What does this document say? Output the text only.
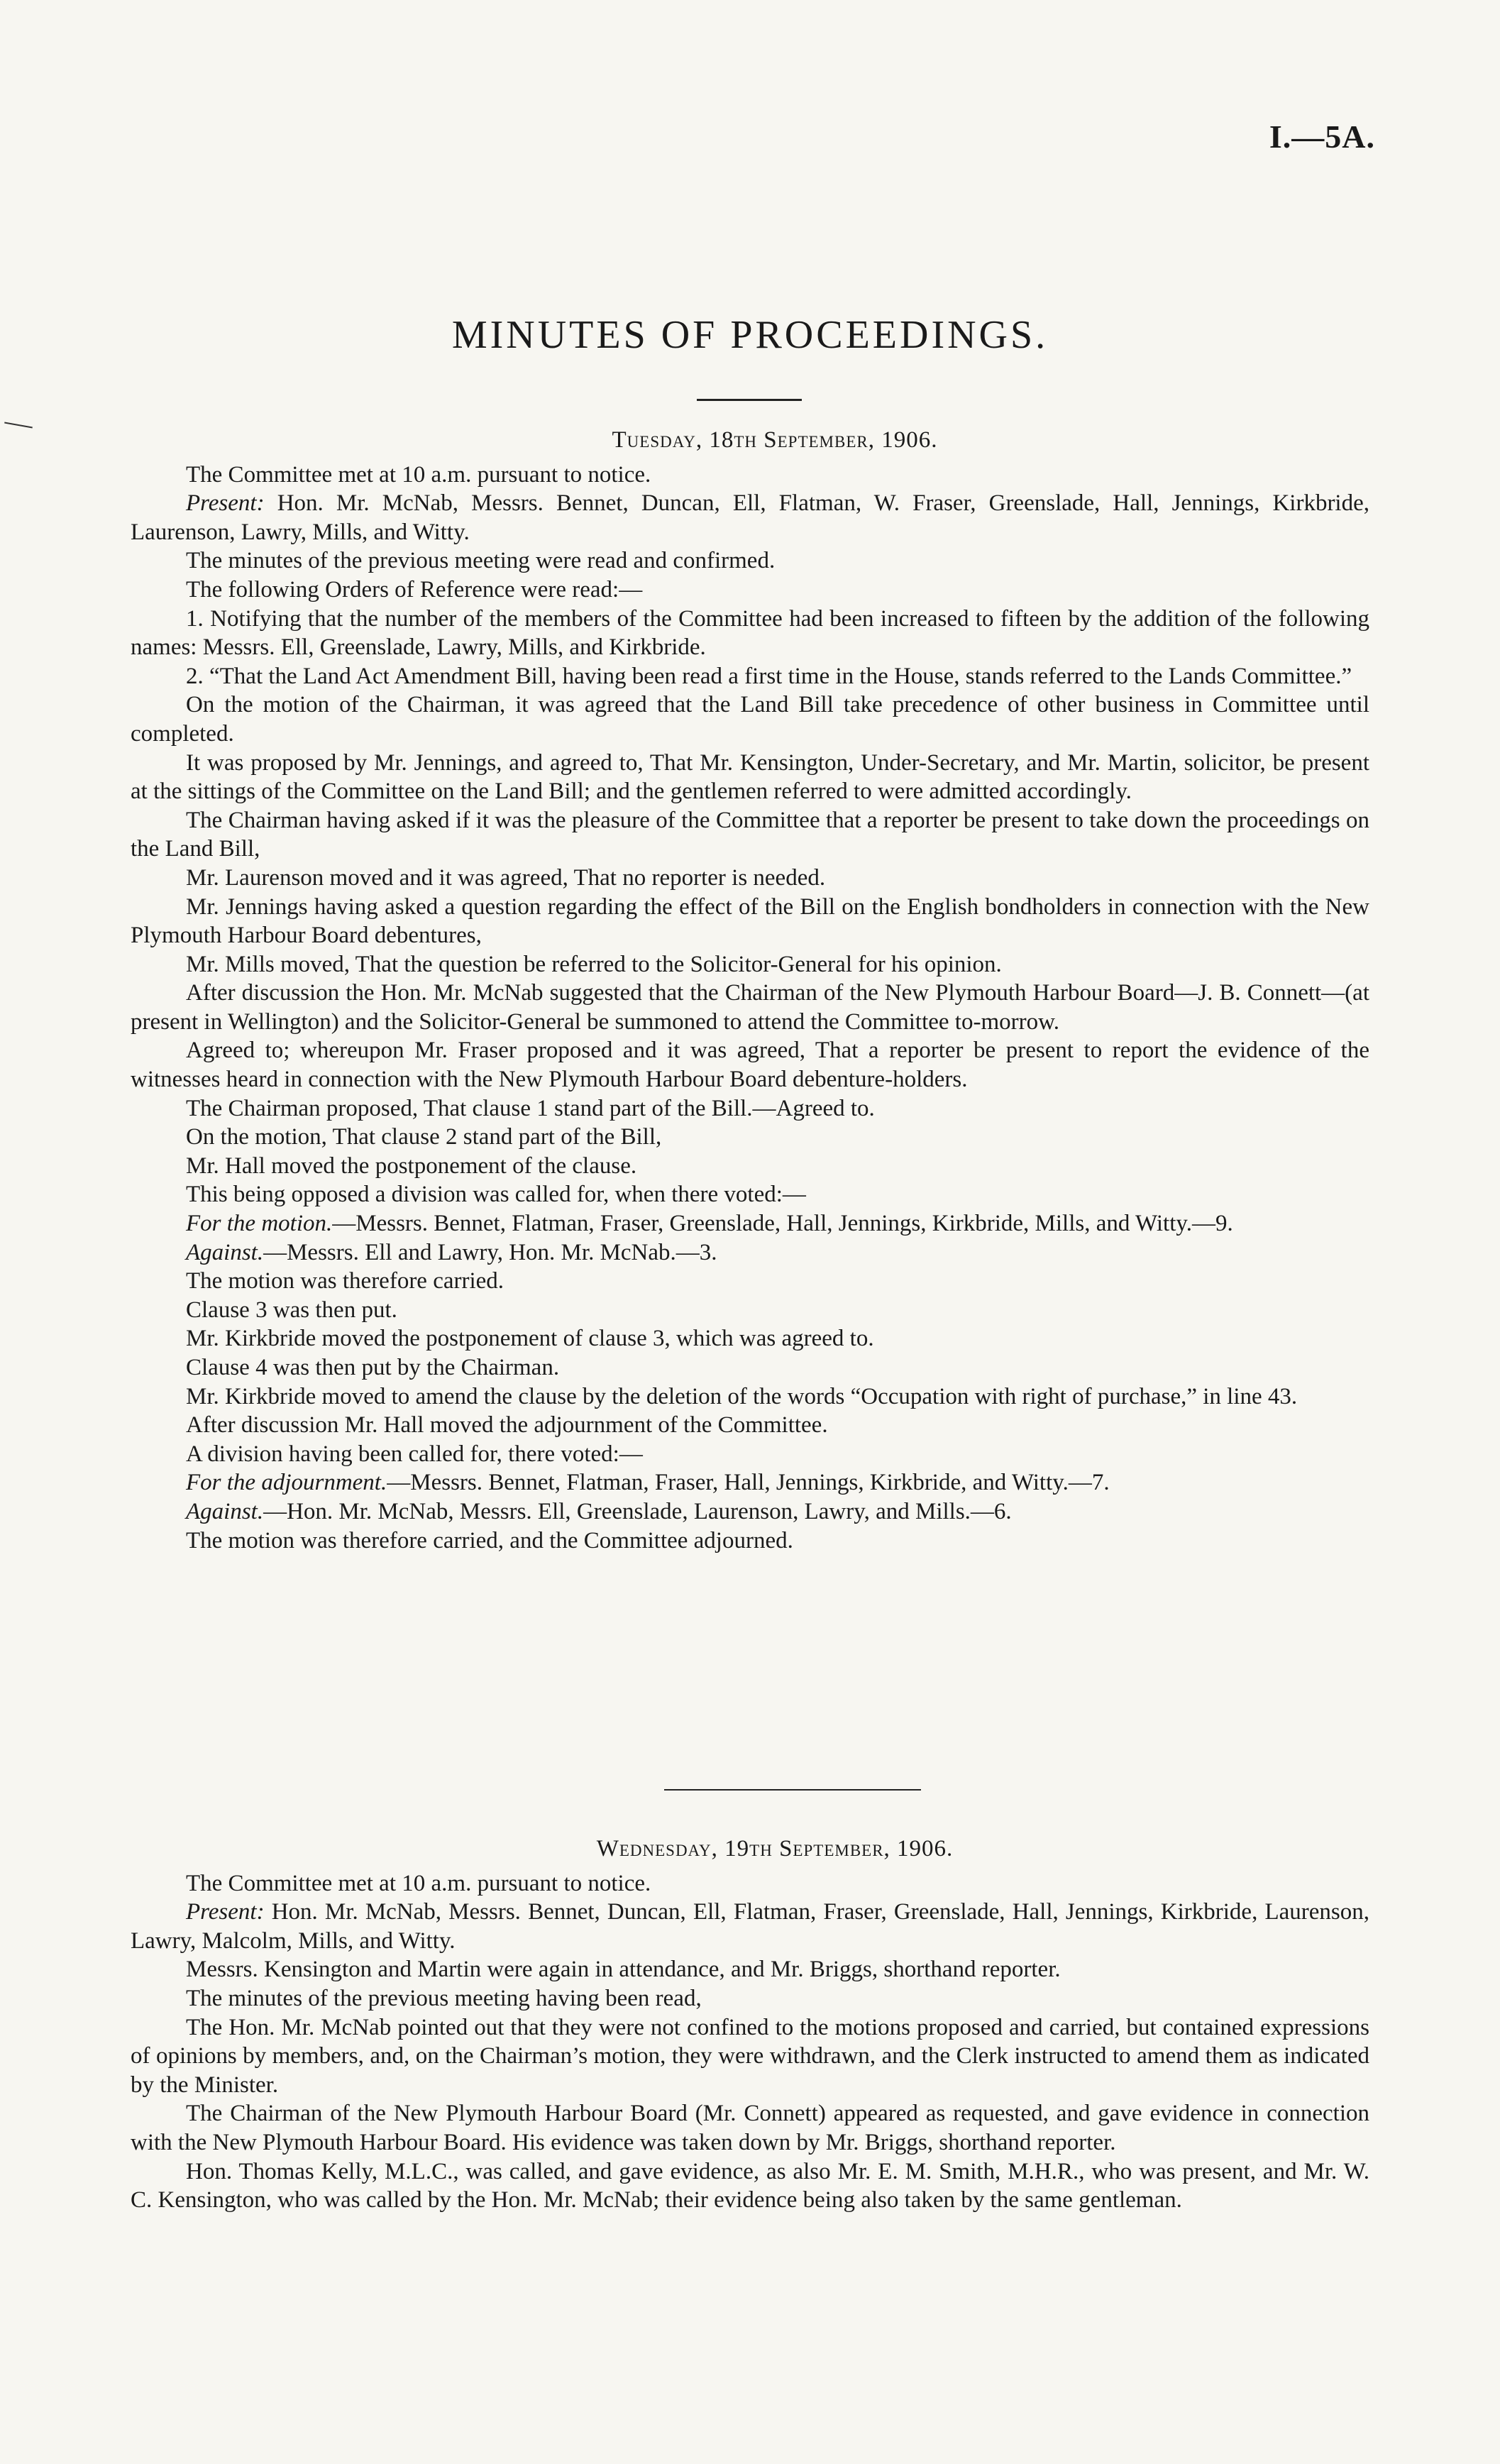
I.—5A.
MINUTES OF PROCEEDINGS.
Tuesday, 18th September, 1906.

The Committee met at 10 a.m. pursuant to notice.

Present: Hon. Mr. McNab, Messrs. Bennet, Duncan, Ell, Flatman, W. Fraser, Greenslade, Hall, Jennings, Kirkbride, Laurenson, Lawry, Mills, and Witty.

The minutes of the previous meeting were read and confirmed.

The following Orders of Reference were read:—

1. Notifying that the number of the members of the Committee had been increased to fifteen by the addition of the following names: Messrs. Ell, Greenslade, Lawry, Mills, and Kirkbride.

2. “That the Land Act Amendment Bill, having been read a first time in the House, stands referred to the Lands Committee.”

On the motion of the Chairman, it was agreed that the Land Bill take precedence of other business in Committee until completed.

It was proposed by Mr. Jennings, and agreed to, That Mr. Kensington, Under-Secretary, and Mr. Martin, solicitor, be present at the sittings of the Committee on the Land Bill; and the gentlemen referred to were admitted accordingly.

The Chairman having asked if it was the pleasure of the Committee that a reporter be present to take down the proceedings on the Land Bill,

Mr. Laurenson moved and it was agreed, That no reporter is needed.

Mr. Jennings having asked a question regarding the effect of the Bill on the English bondholders in connection with the New Plymouth Harbour Board debentures,

Mr. Mills moved, That the question be referred to the Solicitor-General for his opinion.

After discussion the Hon. Mr. McNab suggested that the Chairman of the New Plymouth Harbour Board—J. B. Connett—(at present in Wellington) and the Solicitor-General be summoned to attend the Committee to-morrow.

Agreed to; whereupon Mr. Fraser proposed and it was agreed, That a reporter be present to report the evidence of the witnesses heard in connection with the New Plymouth Harbour Board debenture-holders.

The Chairman proposed, That clause 1 stand part of the Bill.—Agreed to.

On the motion, That clause 2 stand part of the Bill,

Mr. Hall moved the postponement of the clause.

This being opposed a division was called for, when there voted:—

For the motion.—Messrs. Bennet, Flatman, Fraser, Greenslade, Hall, Jennings, Kirkbride, Mills, and Witty.—9.

Against.—Messrs. Ell and Lawry, Hon. Mr. McNab.—3.

The motion was therefore carried.

Clause 3 was then put.

Mr. Kirkbride moved the postponement of clause 3, which was agreed to.

Clause 4 was then put by the Chairman.

Mr. Kirkbride moved to amend the clause by the deletion of the words “Occupation with right of purchase,” in line 43.

After discussion Mr. Hall moved the adjournment of the Committee.

A division having been called for, there voted:—

For the adjournment.—Messrs. Bennet, Flatman, Fraser, Hall, Jennings, Kirkbride, and Witty.—7.

Against.—Hon. Mr. McNab, Messrs. Ell, Greenslade, Laurenson, Lawry, and Mills.—6.

The motion was therefore carried, and the Committee adjourned.

Wednesday, 19th September, 1906.

The Committee met at 10 a.m. pursuant to notice.

Present: Hon. Mr. McNab, Messrs. Bennet, Duncan, Ell, Flatman, Fraser, Greenslade, Hall, Jennings, Kirkbride, Laurenson, Lawry, Malcolm, Mills, and Witty.

Messrs. Kensington and Martin were again in attendance, and Mr. Briggs, shorthand reporter.

The minutes of the previous meeting having been read,

The Hon. Mr. McNab pointed out that they were not confined to the motions proposed and carried, but contained expressions of opinions by members, and, on the Chairman’s motion, they were withdrawn, and the Clerk instructed to amend them as indicated by the Minister.

The Chairman of the New Plymouth Harbour Board (Mr. Connett) appeared as requested, and gave evidence in connection with the New Plymouth Harbour Board. His evidence was taken down by Mr. Briggs, shorthand reporter.

Hon. Thomas Kelly, M.L.C., was called, and gave evidence, as also Mr. E. M. Smith, M.H.R., who was present, and Mr. W. C. Kensington, who was called by the Hon. Mr. McNab; their evidence being also taken by the same gentleman.
